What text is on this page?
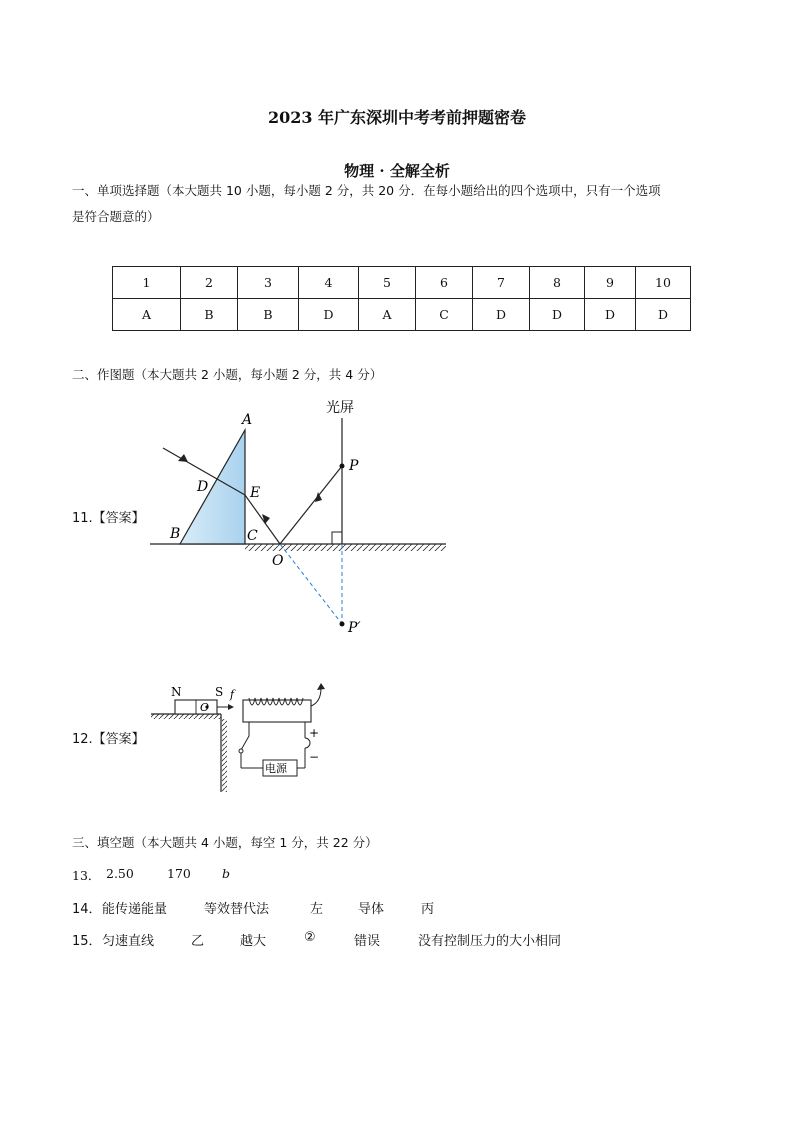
2023 年广东深圳中考考前押题密卷
物理 · 全解全析
一、单项选择题（本大题共 10 小题，每小题 2 分，共 20 分．在每小题给出的四个选项中，只有一个选项
是符合题意的）
1	2	3	4	5	6	7	8	9	10
A	B	B	D	A	C	D	D	D	D
二、作图题（本大题共 2 小题，每小题 2 分，共 4 分）
11.【答案】
A
B	C
D	E
O
P
P′
光屏
12.【答案】
N	S
O
f
电源
+
−
三、填空题（本大题共 4 小题，每空 1 分，共 22 分）
13． 2.50	170 b
14． 能传递能量	等效替代法	左	导体	丙
15． 匀速直线	乙	越大	②	错误	没有控制压力的大小相同
